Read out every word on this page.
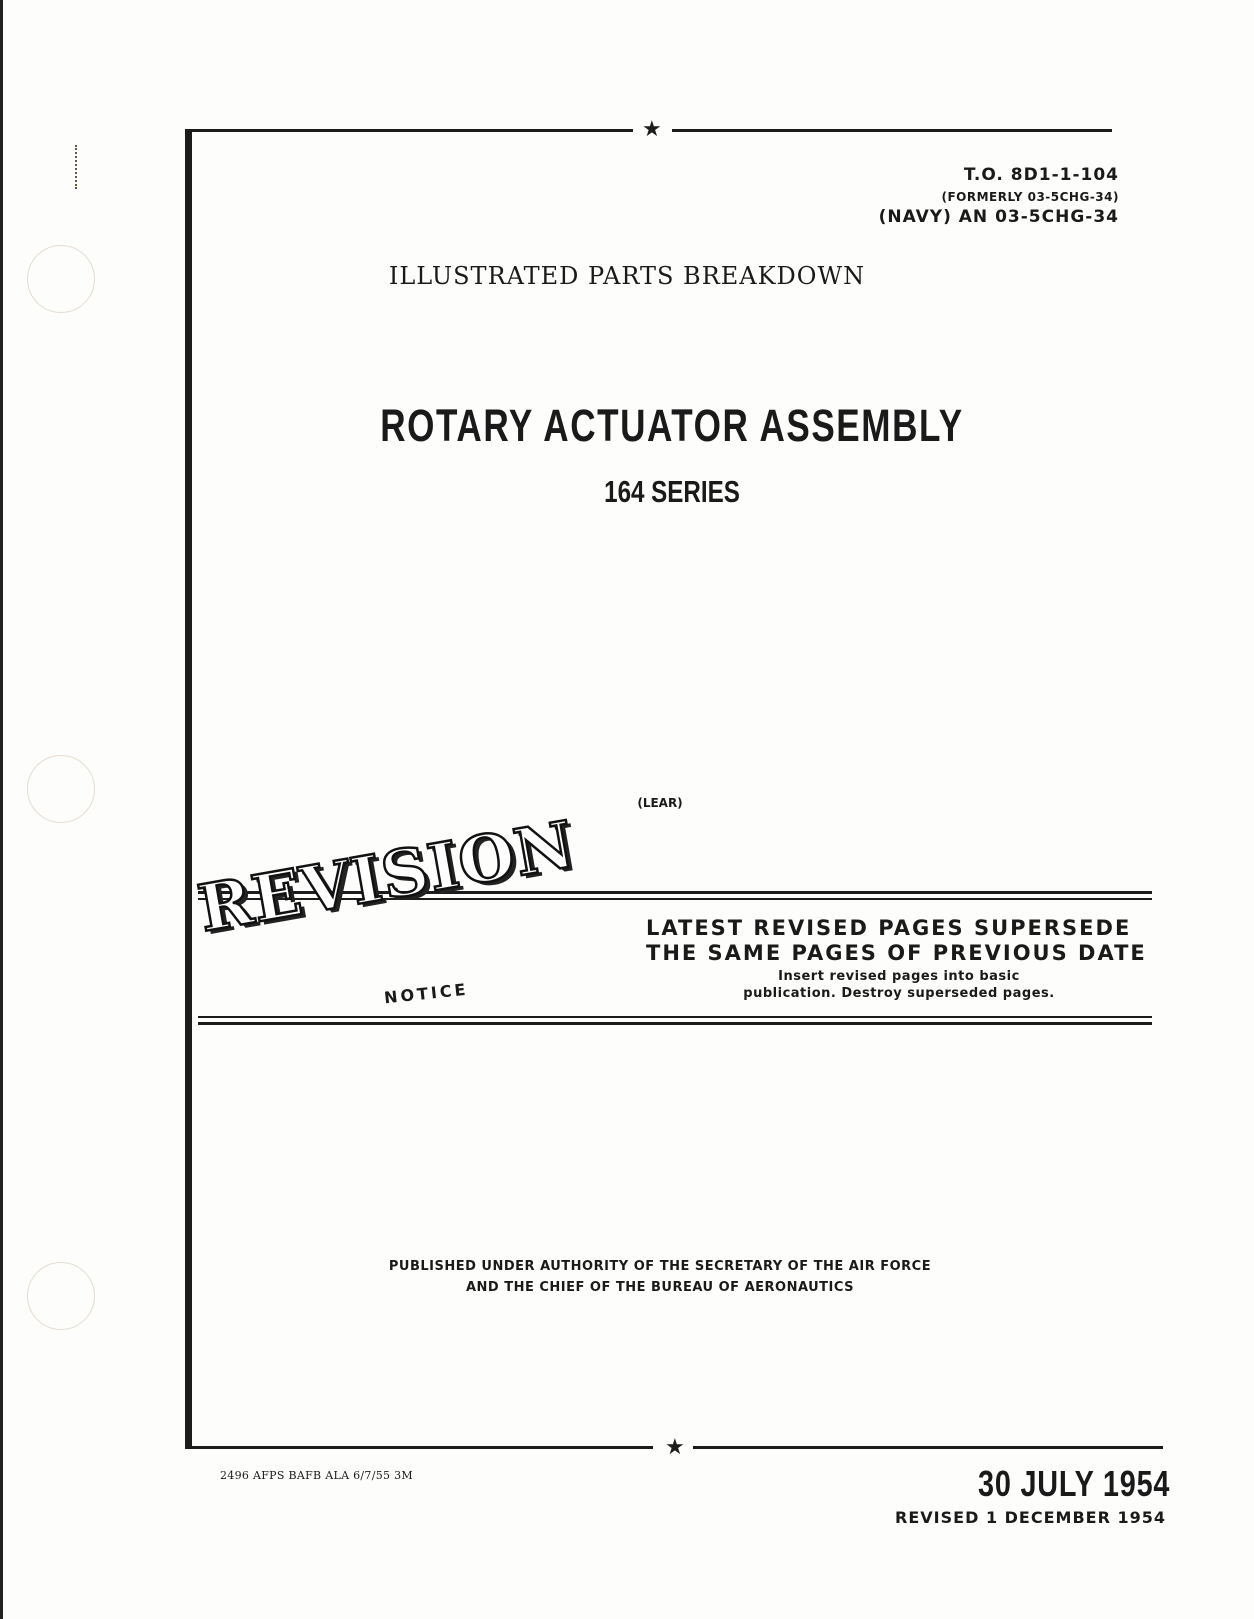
★
★
T.O. 8D1-1-104
(FORMERLY 03-5CHG-34)
(NAVY) AN 03-5CHG-34
ILLUSTRATED PARTS BREAKDOWN
ROTARY ACTUATOR ASSEMBLY
164 SERIES
(LEAR)
REVISION
NOTICE
LATEST REVISED PAGES SUPERSEDE
THE SAME PAGES OF PREVIOUS DATE
Insert revised pages into basic
publication. Destroy superseded pages.
PUBLISHED UNDER AUTHORITY OF THE SECRETARY OF THE AIR FORCE
AND THE CHIEF OF THE BUREAU OF AERONAUTICS
2496 AFPS BAFB ALA 6/7/55 3M	30 JULY 1954
REVISED 1 DECEMBER 1954
